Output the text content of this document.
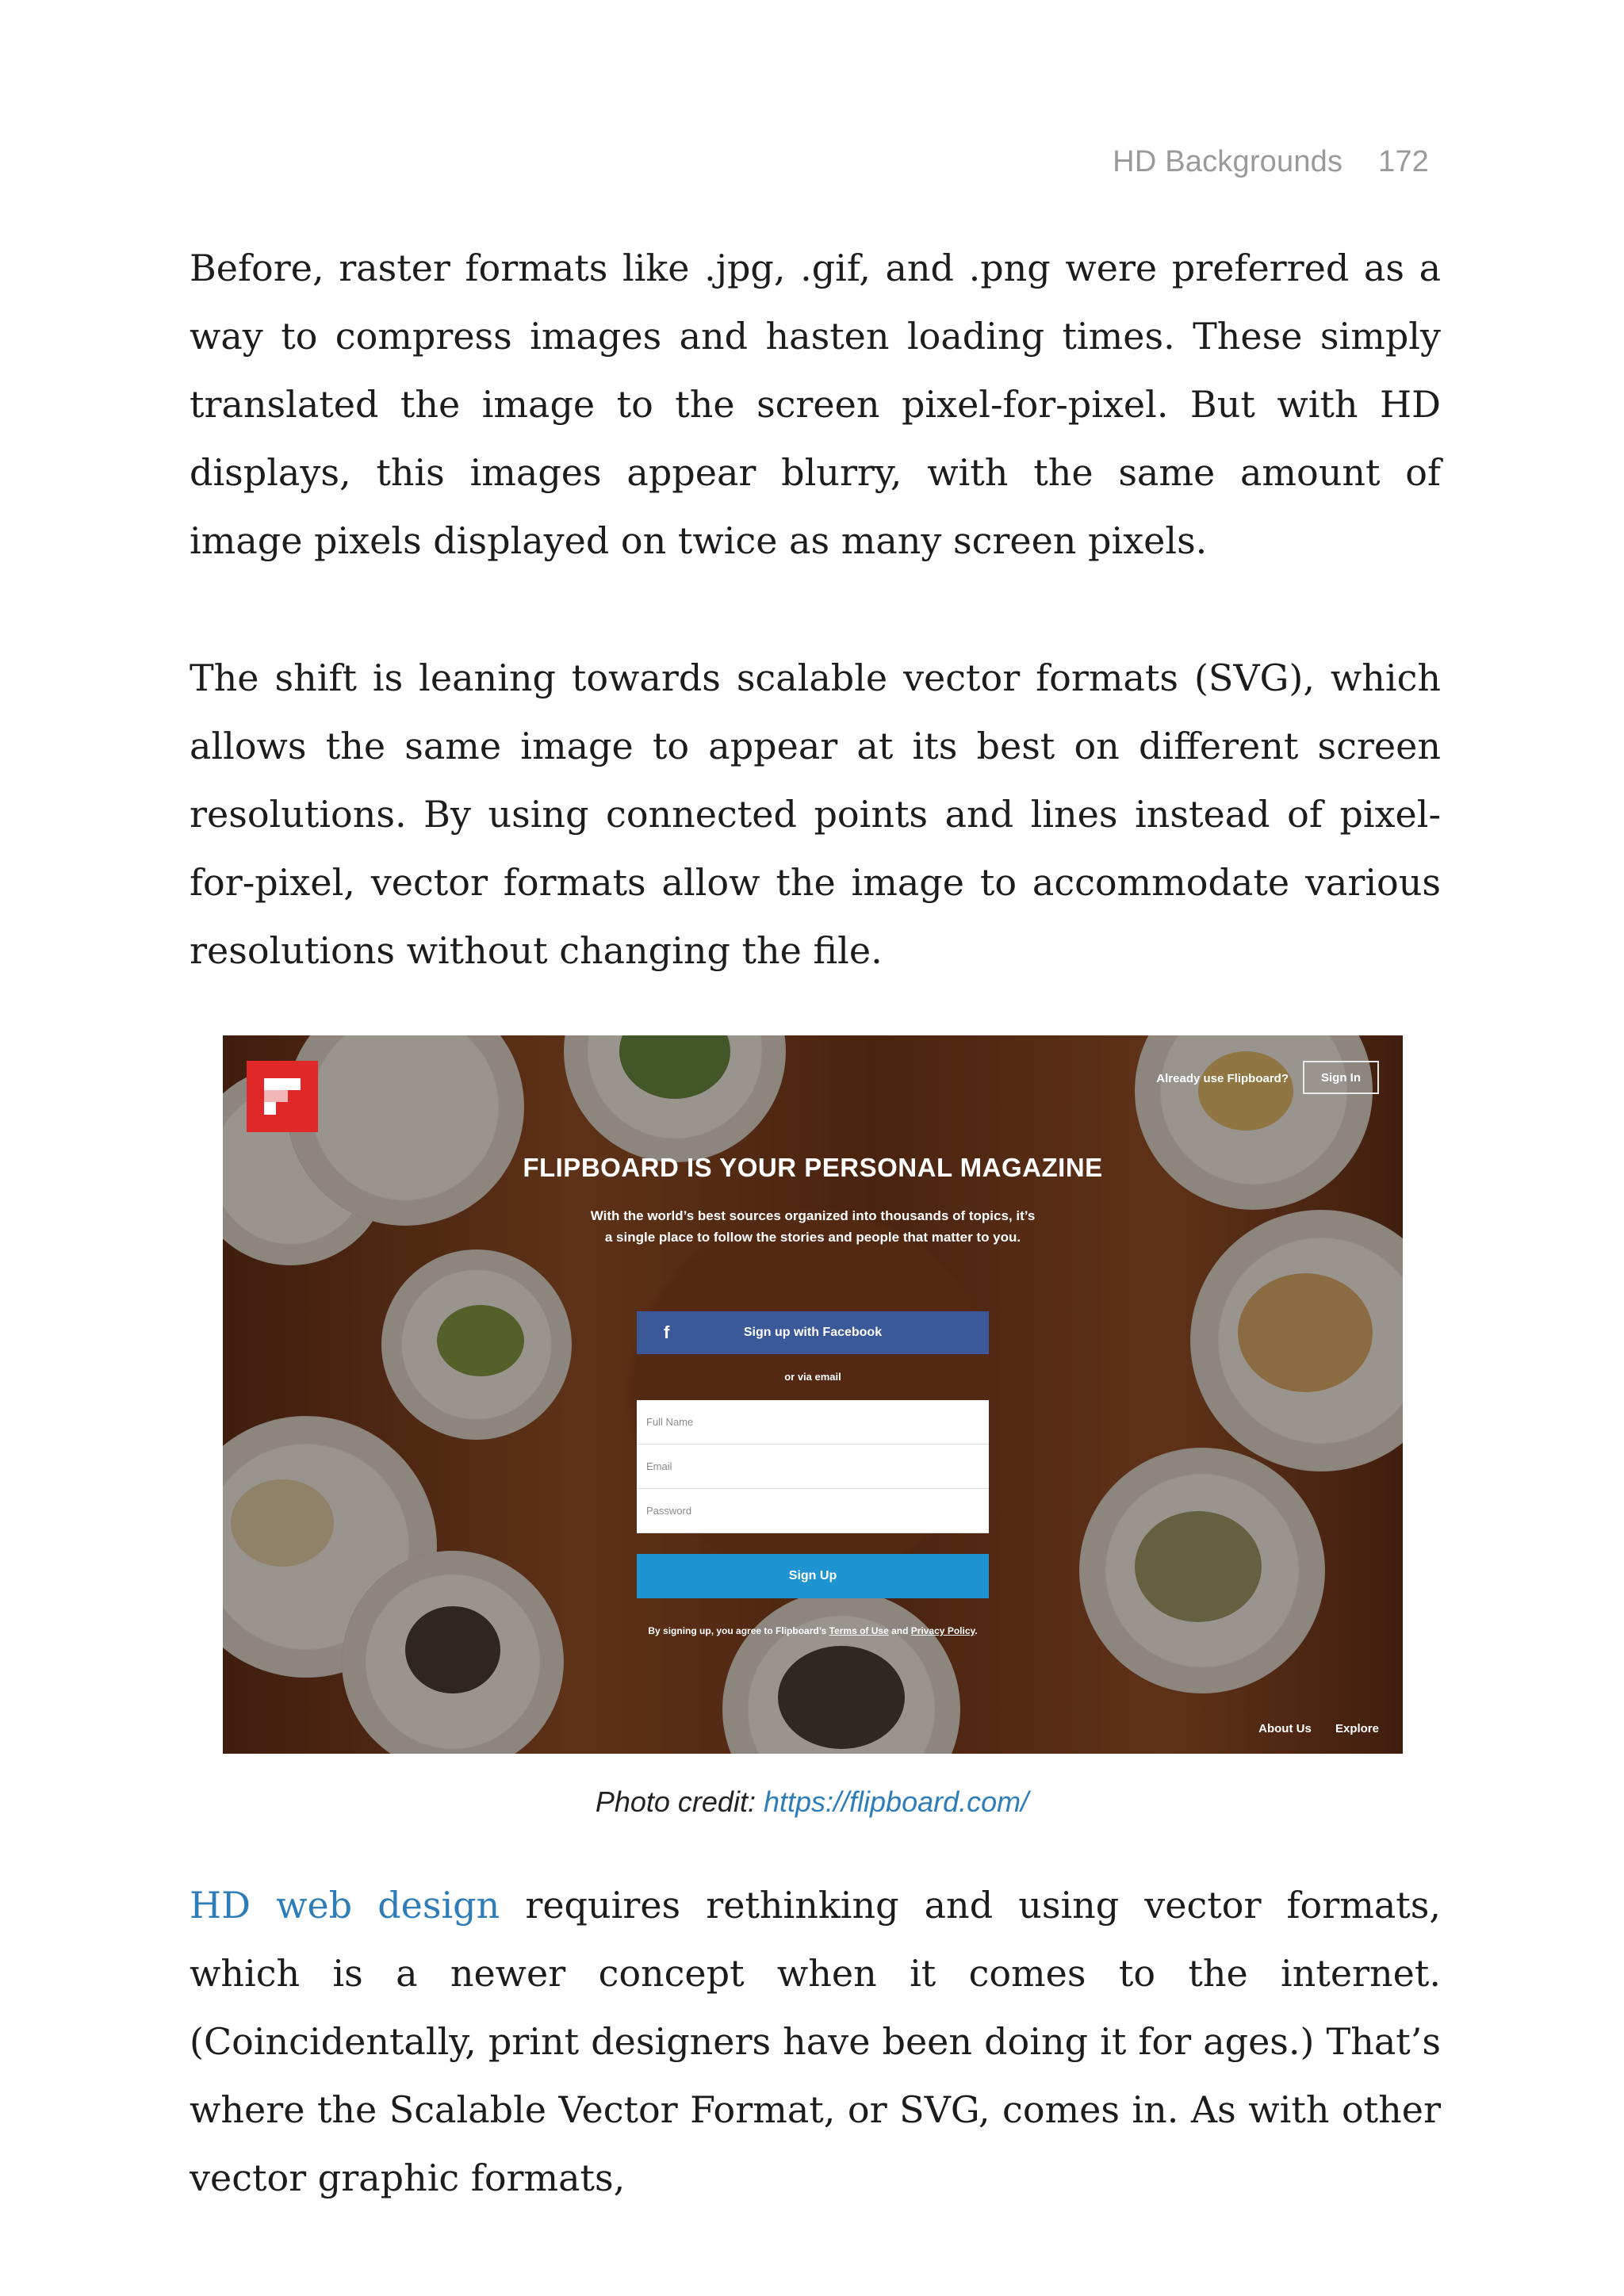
HD Backgrounds 172

Before, raster formats like .jpg, .gif, and .png were preferred as a way to compress images and hasten loading times. These simply translated the image to the screen pixel-for-pixel. But with HD displays, this images appear blurry, with the same amount of image pixels displayed on twice as many screen pixels.

The shift is leaning towards scalable vector formats (SVG), which allows the same image to appear at its best on different screen resolutions. By using connected points and lines instead of pixel-for-pixel, vector formats allow the image to accommodate various resolutions without changing the file.

Already use Flipboard?	Sign In
FLIPBOARD IS YOUR PERSONAL MAGAZINE
With the world’s best sources organized into thousands of topics, it’s a single place to follow the stories and people that matter to you.
f	Sign up with Facebook
or via email
Full Name
Email
Sign Up
By signing up, you agree to Flipboard’s Terms of Use and Privacy Policy.
About Us Explore
Photo credit: https://flipboard.com/

HD web design requires rethinking and using vector formats, which is a newer concept when it comes to the internet. (Coincidentally, print designers have been doing it for ages.) That’s where the Scalable Vector Format, or SVG, comes in. As with other vector graphic formats,
